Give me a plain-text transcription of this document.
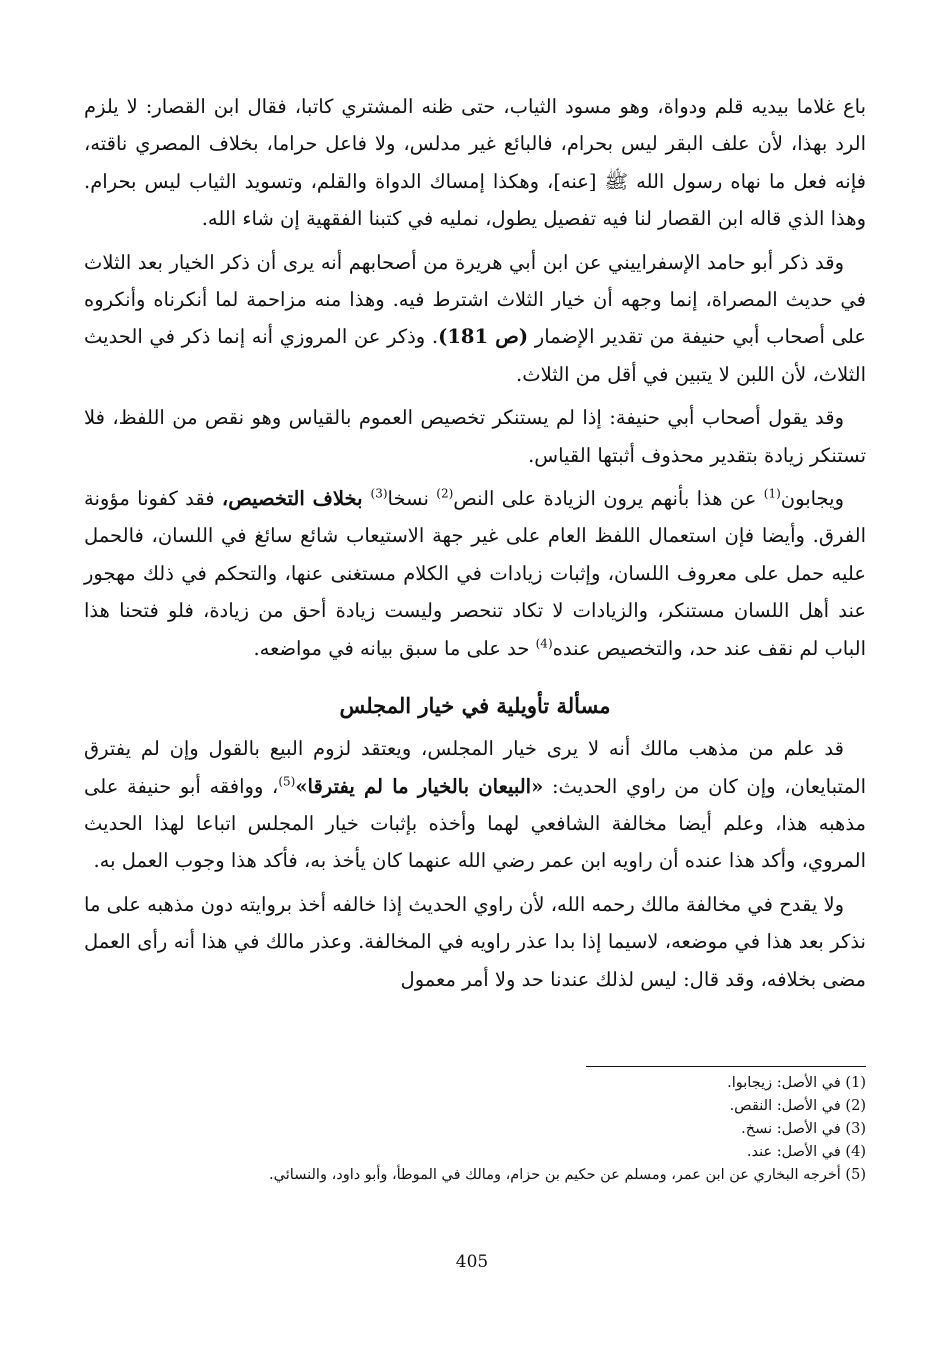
باع غلاما بيديه قلم ودواة، وهو مسود الثياب، حتى ظنه المشتري كاتبا، فقال ابن القصار: لا يلزم الرد بهذا، لأن علف البقر ليس بحرام، فالبائع غير مدلس، ولا فاعل حراما، بخلاف المصري ناقته، فإنه فعل ما نهاه رسول الله ﷺ [عنه]، وهكذا إمساك الدواة والقلم، وتسويد الثياب ليس بحرام. وهذا الذي قاله ابن القصار لنا فيه تفصيل يطول، نمليه في كتبنا الفقهية إن شاء الله.

وقد ذكر أبو حامد الإسفراييني عن ابن أبي هريرة من أصحابهم أنه يرى أن ذكر الخيار بعد الثلاث في حديث المصراة، إنما وجهه أن خيار الثلاث اشترط فيه. وهذا منه مزاحمة لما أنكرناه وأنكروه على أصحاب أبي حنيفة من تقدير الإضمار (ص 181). وذكر عن المروزي أنه إنما ذكر في الحديث الثلاث، لأن اللبن لا يتبين في أقل من الثلاث.

وقد يقول أصحاب أبي حنيفة: إذا لم يستنكر تخصيص العموم بالقياس وهو نقص من اللفظ، فلا تستنكر زيادة بتقدير محذوف أثبتها القياس.

ويجابون$^{(1)}$ عن هذا بأنهم يرون الزيادة على النص$^{(2)}$ نسخا$^{(3)}$ بخلاف التخصيص، فقد كفونا مؤونة الفرق. وأيضا فإن استعمال اللفظ العام على غير جهة الاستيعاب شائع سائغ في اللسان، فالحمل عليه حمل على معروف اللسان، وإثبات زيادات في الكلام مستغنى عنها، والتحكم في ذلك مهجور عند أهل اللسان مستنكر، والزيادات لا تكاد تنحصر وليست زيادة أحق من زيادة، فلو فتحنا هذا الباب لم نقف عند حد، والتخصيص عنده$^{(4)}$ حد على ما سبق بيانه في مواضعه.

مسألة تأويلية في خيار المجلس

قد علم من مذهب مالك أنه لا يرى خيار المجلس، ويعتقد لزوم البيع بالقول وإن لم يفترق المتبايعان، وإن كان من راوي الحديث: «البيعان بالخيار ما لم يفترقا»$^{(5)}$، ووافقه أبو حنيفة على مذهبه هذا، وعلم أيضا مخالفة الشافعي لهما وأخذه بإثبات خيار المجلس اتباعا لهذا الحديث المروي، وأكد هذا عنده أن راويه ابن عمر رضي الله عنهما كان يأخذ به، فأكد هذا وجوب العمل به.

ولا يقدح في مخالفة مالك رحمه الله، لأن راوي الحديث إذا خالفه أخذ بروايته دون مذهبه على ما نذكر بعد هذا في موضعه، لاسيما إذا بدا عذر راويه في المخالفة. وعذر مالك في هذا أنه رأى العمل مضى بخلافه، وقد قال: ليس لذلك عندنا حد ولا أمر معمول

(1) في الأصل: زيجابوا.

(2) في الأصل: النقص.

(3) في الأصل: نسخ.

(4) في الأصل: عند.

(5) أخرجه البخاري عن ابن عمر، ومسلم عن حكيم بن حزام، ومالك في الموطأ، وأبو داود، والنسائي.

405
